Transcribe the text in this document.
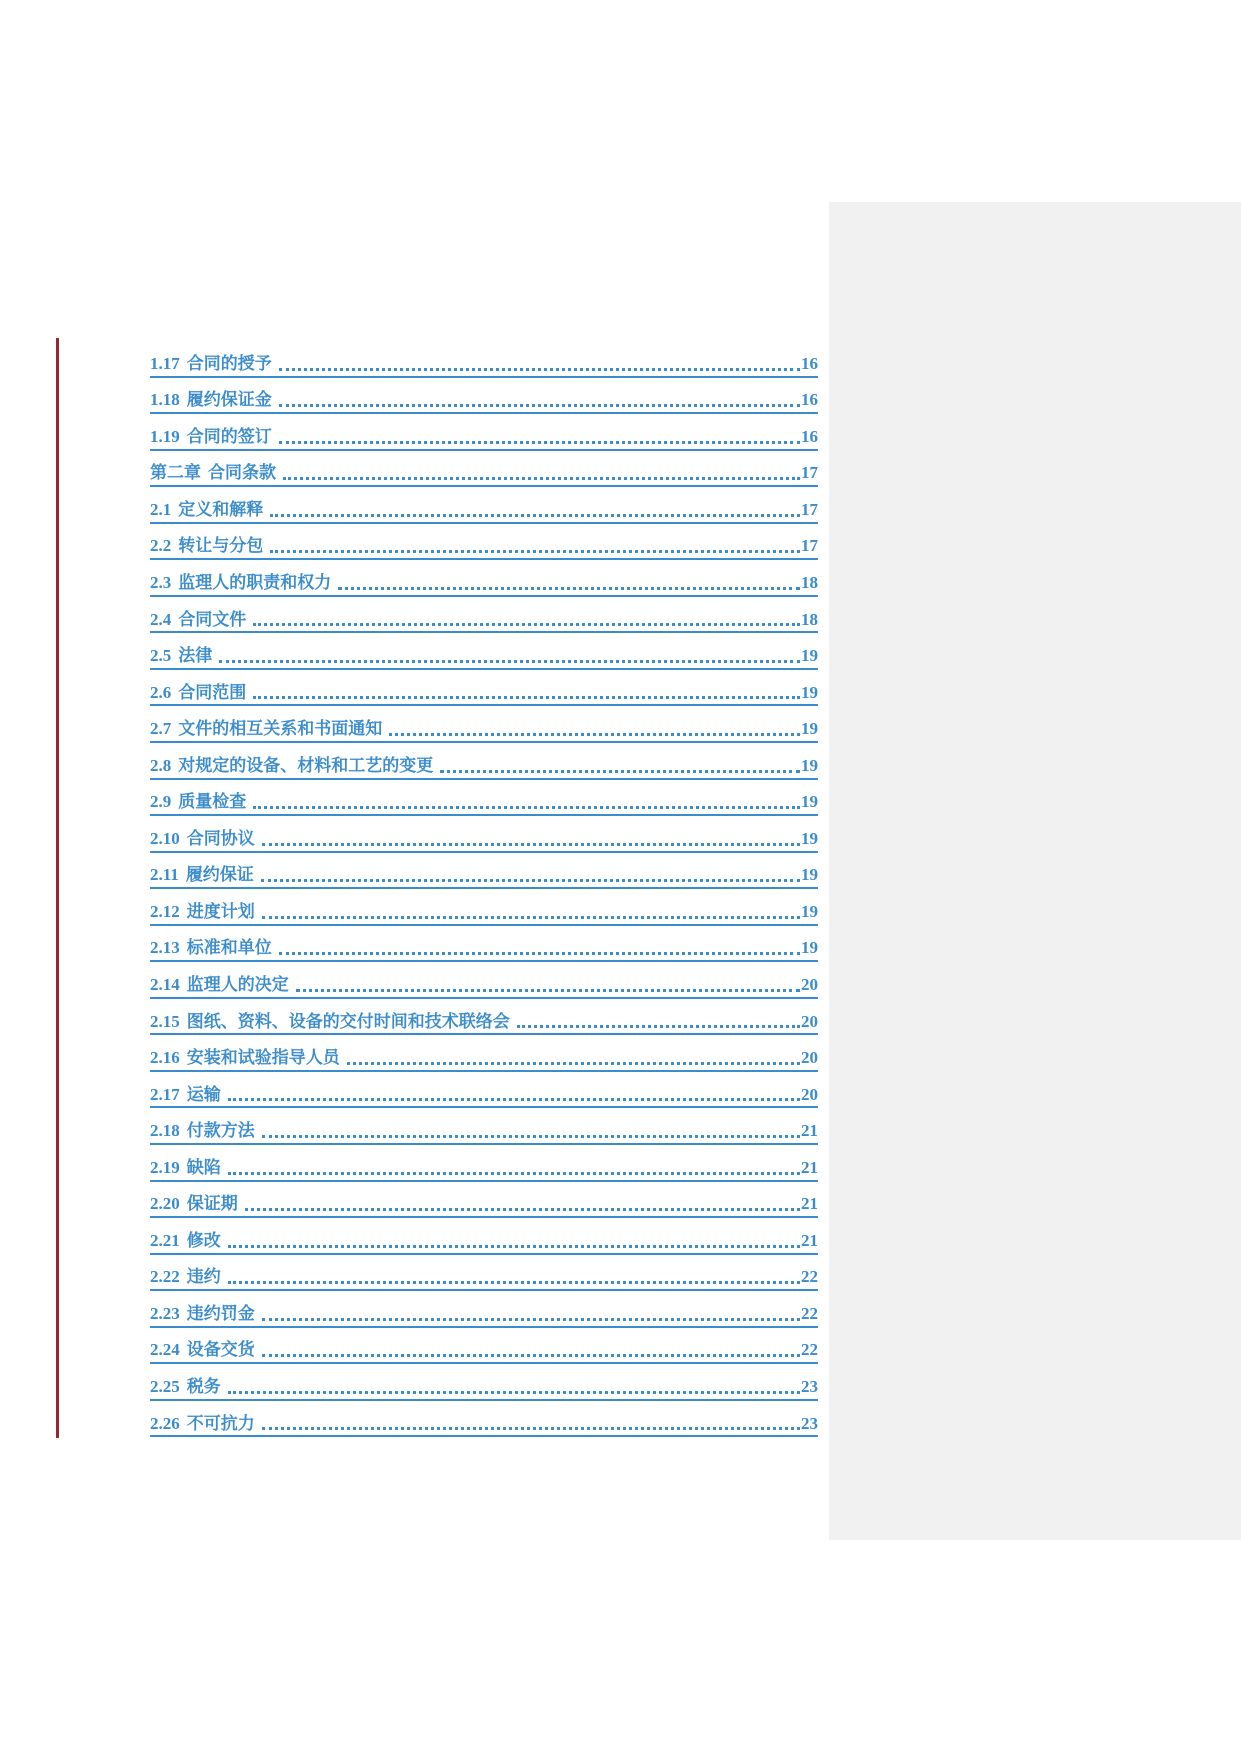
1.17 合同的授予	16
1.18 履约保证金	16
1.19 合同的签订	16
第二章 合同条款	17
2.1 定义和解释	17
2.2 转让与分包	17
2.3 监理人的职责和权力	18
2.4 合同文件	18
2.5 法律	19
2.6 合同范围	19
2.7 文件的相互关系和书面通知	19
2.8 对规定的设备、材料和工艺的变更	19
2.9 质量检查	19
2.10 合同协议	19
2.11 履约保证	19
2.12 进度计划	19
2.13 标准和单位	19
2.14 监理人的决定	20
2.15 图纸、资料、设备的交付时间和技术联络会	20
2.16 安装和试验指导人员	20
2.17 运输	20
2.18 付款方法	21
2.19 缺陷	21
2.20 保证期	21
2.21 修改	21
2.22 违约	22
2.23 违约罚金	22
2.24 设备交货	22
2.25 税务	23
2.26 不可抗力	23
